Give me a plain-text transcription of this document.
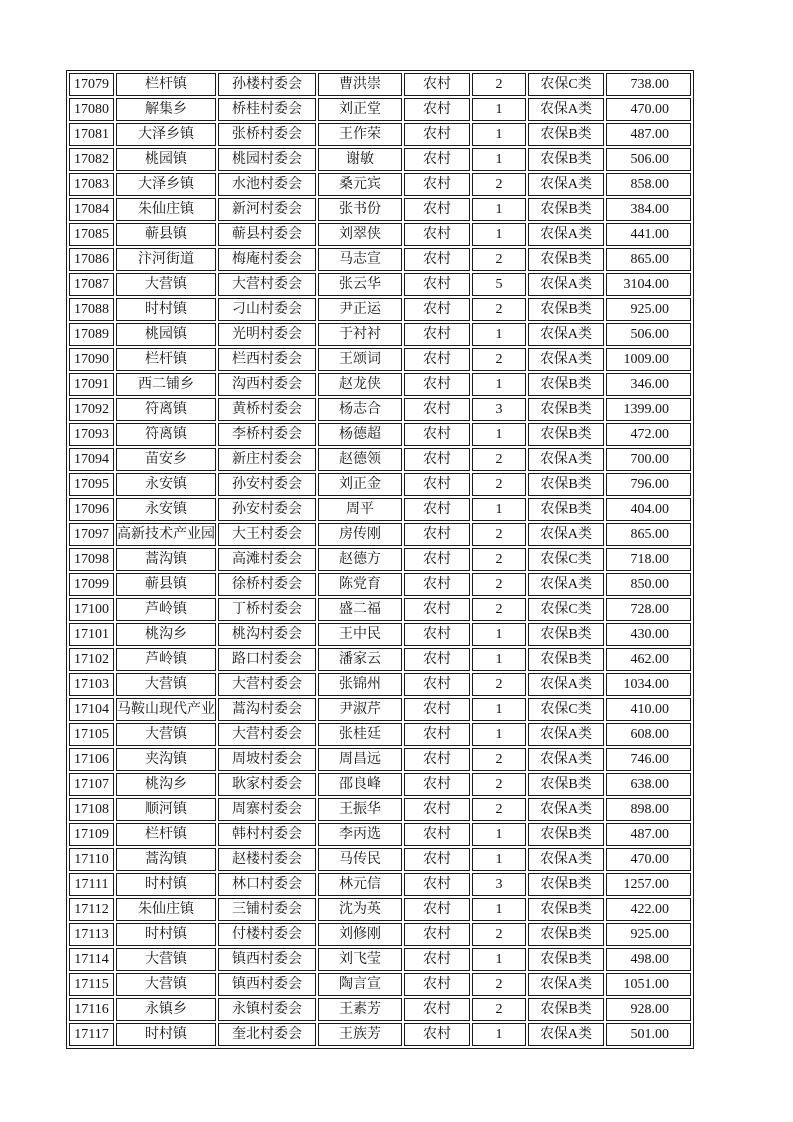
17079	栏杆镇	孙楼村委会	曹洪崇	农村	2	农保C类	738.00

17080	解集乡	桥桂村委会	刘正堂	农村	1	农保A类	470.00

17081	大泽乡镇	张桥村委会	王作荣	农村	1	农保B类	487.00

17082	桃园镇	桃园村委会	谢敏	农村	1	农保B类	506.00

17083	大泽乡镇	水池村委会	桑元宾	农村	2	农保A类	858.00

17084	朱仙庄镇	新河村委会	张书份	农村	1	农保B类	384.00

17085	蕲县镇	蕲县村委会	刘翠侠	农村	1	农保A类	441.00

17086	汴河街道	梅庵村委会	马志宣	农村	2	农保B类	865.00

17087	大营镇	大营村委会	张云华	农村	5	农保A类	3104.00

17088	时村镇	刁山村委会	尹正运	农村	2	农保B类	925.00

17089	桃园镇	光明村委会	于衬衬	农村	1	农保A类	506.00

17090	栏杆镇	栏西村委会	王颂词	农村	2	农保A类	1009.00

17091	西二铺乡	沟西村委会	赵龙侠	农村	1	农保B类	346.00

17092	符离镇	黄桥村委会	杨志合	农村	3	农保B类	1399.00

17093	符离镇	李桥村委会	杨德超	农村	1	农保B类	472.00

17094	苗安乡	新庄村委会	赵德领	农村	2	农保A类	700.00

17095	永安镇	孙安村委会	刘正金	农村	2	农保B类	796.00

17096	永安镇	孙安村委会	周平	农村	1	农保B类	404.00

17097	高新技术产业园	大王村委会	房传刚	农村	2	农保A类	865.00

17098	蒿沟镇	高滩村委会	赵德方	农村	2	农保C类	718.00

17099	蕲县镇	徐桥村委会	陈党育	农村	2	农保A类	850.00

17100	芦岭镇	丁桥村委会	盛二福	农村	2	农保C类	728.00

17101	桃沟乡	桃沟村委会	王中民	农村	1	农保B类	430.00

17102	芦岭镇	路口村委会	潘家云	农村	1	农保B类	462.00

17103	大营镇	大营村委会	张锦州	农村	2	农保A类	1034.00

17104	马鞍山现代产业	蒿沟村委会	尹淑芹	农村	1	农保C类	410.00

17105	大营镇	大营村委会	张桂廷	农村	1	农保A类	608.00

17106	夹沟镇	周坡村委会	周昌远	农村	2	农保A类	746.00

17107	桃沟乡	耿家村委会	邵良峰	农村	2	农保B类	638.00

17108	顺河镇	周寨村委会	王振华	农村	2	农保A类	898.00

17109	栏杆镇	韩村村委会	李丙选	农村	1	农保B类	487.00

17110	蒿沟镇	赵楼村委会	马传民	农村	1	农保A类	470.00

17111	时村镇	林口村委会	林元信	农村	3	农保B类	1257.00

17112	朱仙庄镇	三铺村委会	沈为英	农村	1	农保B类	422.00

17113	时村镇	付楼村委会	刘修刚	农村	2	农保B类	925.00

17114	大营镇	镇西村委会	刘飞莹	农村	1	农保B类	498.00

17115	大营镇	镇西村委会	陶言宣	农村	2	农保A类	1051.00

17116	永镇乡	永镇村委会	王素芳	农村	2	农保B类	928.00

17117	时村镇	奎北村委会	王族芳	农村	1	农保A类	501.00
